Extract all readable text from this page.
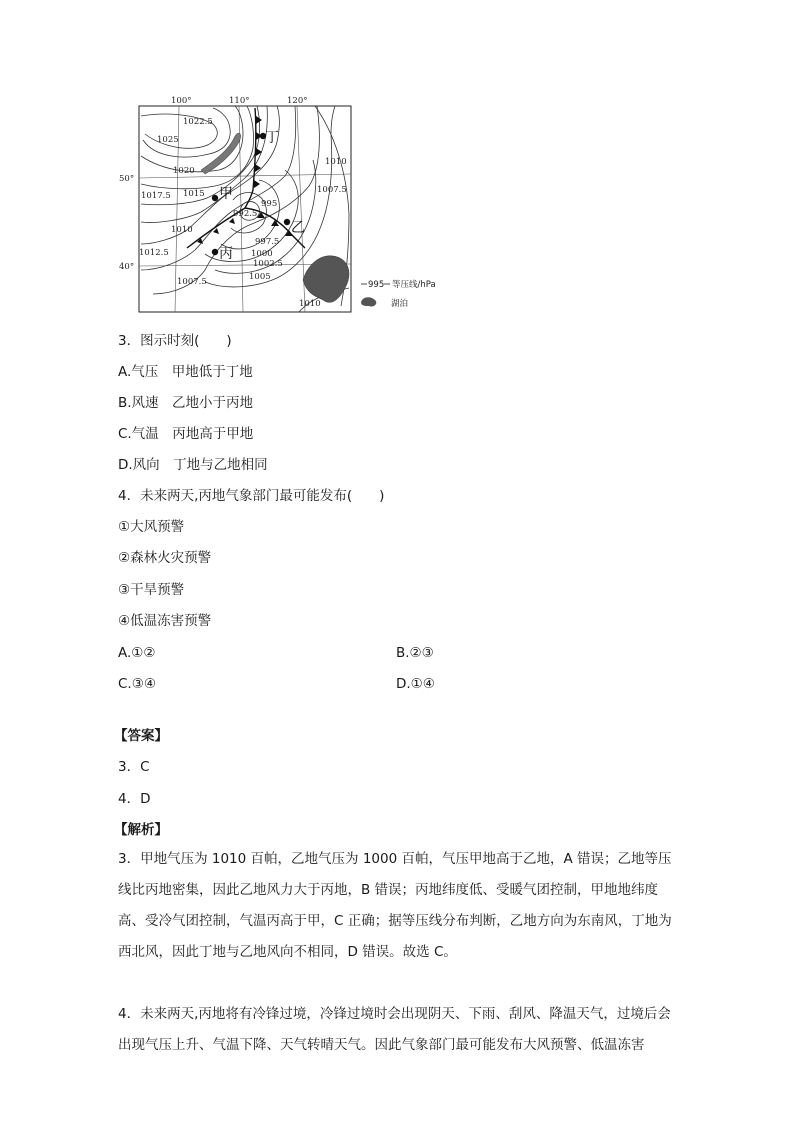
100°	110°	120°
50°
40°
1022.5
1025
1020
1015
1017.5
1010
1012.5
1007.5	1005
1002.5
1000
997.5
995
992.5
1010
1007.5
1010
甲
乙
丙
丁
995 等压线/hPa
湖泊
3．图示时刻(　　)
A.气压　甲地低于丁地
B.风速　乙地小于丙地
C.气温　丙地高于甲地
D.风向　丁地与乙地相同
4．未来两天,丙地气象部门最可能发布(　　)
①大风预警
②森林火灾预警
③干旱预警
④低温冻害预警
A.①②	B.②③
C.③④	D.①④
【答案】
3．C
4．D
【解析】
3．甲地气压为 1010 百帕，乙地气压为 1000 百帕，气压甲地高于乙地，A 错误；乙地等压线比丙地密集，因此乙地风力大于丙地，B 错误；丙地纬度低、受暖气团控制，甲地地纬度高、受冷气团控制，气温丙高于甲，C 正确；据等压线分布判断，乙地方向为东南风，丁地为西北风，因此丁地与乙地风向不相同，D 错误。故选 C。
4．未来两天,丙地将有冷锋过境，冷锋过境时会出现阴天、下雨、刮风、降温天气，过境后会出现气压上升、气温下降、天气转晴天气。因此气象部门最可能发布大风预警、低温冻害
